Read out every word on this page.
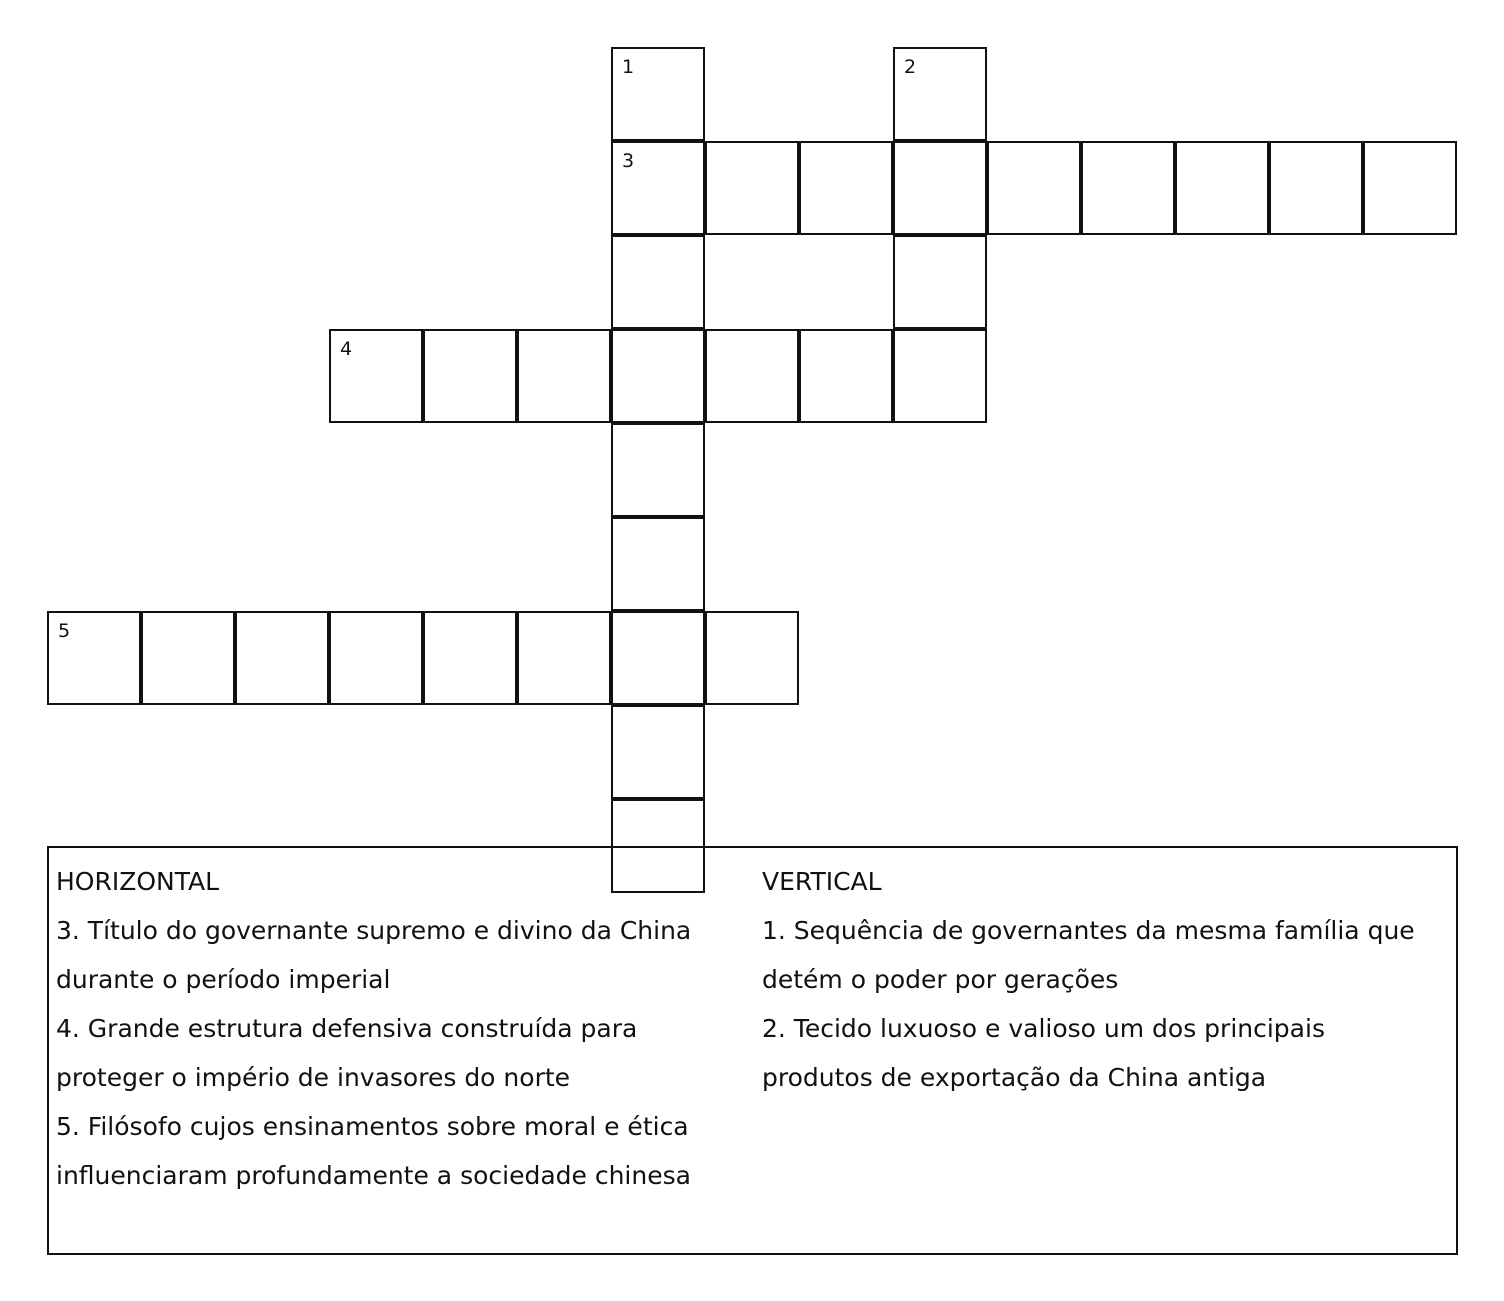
1
3
2
4
5
HORIZONTAL
3. Título do governante supremo e divino da China
durante o período imperial
4. Grande estrutura defensiva construída para
proteger o império de invasores do norte
5. Filósofo cujos ensinamentos sobre moral e ética
influenciaram profundamente a sociedade chinesa
VERTICAL
1. Sequência de governantes da mesma família que
detém o poder por gerações
2. Tecido luxuoso e valioso um dos principais
produtos de exportação da China antiga
